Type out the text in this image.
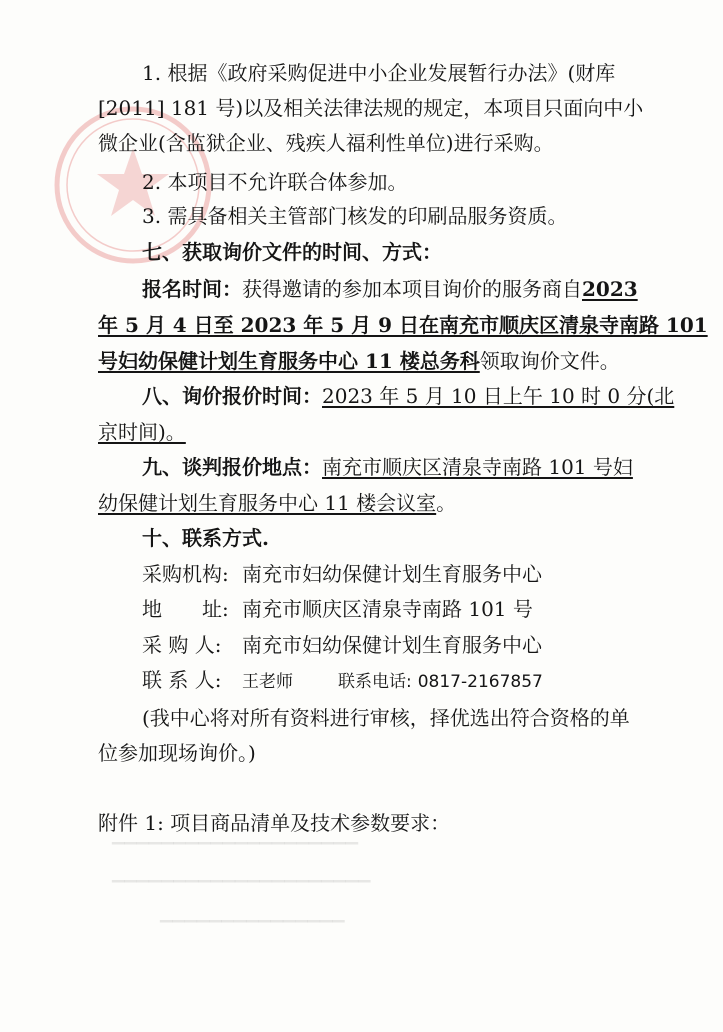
1. 根据《政府采购促进中小企业发展暂行办法》(财库
[2011] 181 号)以及相关法律法规的规定，本项目只面向中小
微企业(含监狱企业、残疾人福利性单位)进行采购。
2. 本项目不允许联合体参加。
3. 需具备相关主管部门核发的印刷品服务资质。
七、获取询价文件的时间、方式：
报名时间：获得邀请的参加本项目询价的服务商自2023
年 5 月 4 日至 2023 年 5 月 9 日在南充市顺庆区清泉寺南路 101
号妇幼保健计划生育服务中心 11 楼总务科领取询价文件。
八、询价报价时间：2023 年 5 月 10 日上午 10 时 0 分(北
京时间)。
九、谈判报价地点：南充市顺庆区清泉寺南路 101 号妇
幼保健计划生育服务中心 11 楼会议室。
十、联系方式.
采购机构: 南充市妇幼保健计划生育服务中心
地　　址: 南充市顺庆区清泉寺南路 101 号
采 购 人: 南充市妇幼保健计划生育服务中心
联 系 人: 王老师	联系电话: 0817-2167857
(我中心将对所有资料进行审核，择优选出符合资格的单
位参加现场询价。)
附件 1: 项目商品清单及技术参数要求：
▔▔▔▔▔▔▔▔▔▔▔▔▔▔▔▔▔▔▔▔
▔▔▔▔▔▔▔▔▔▔▔▔▔▔▔▔▔▔▔▔▔
▔▔▔▔▔▔▔▔▔▔▔▔▔▔▔
